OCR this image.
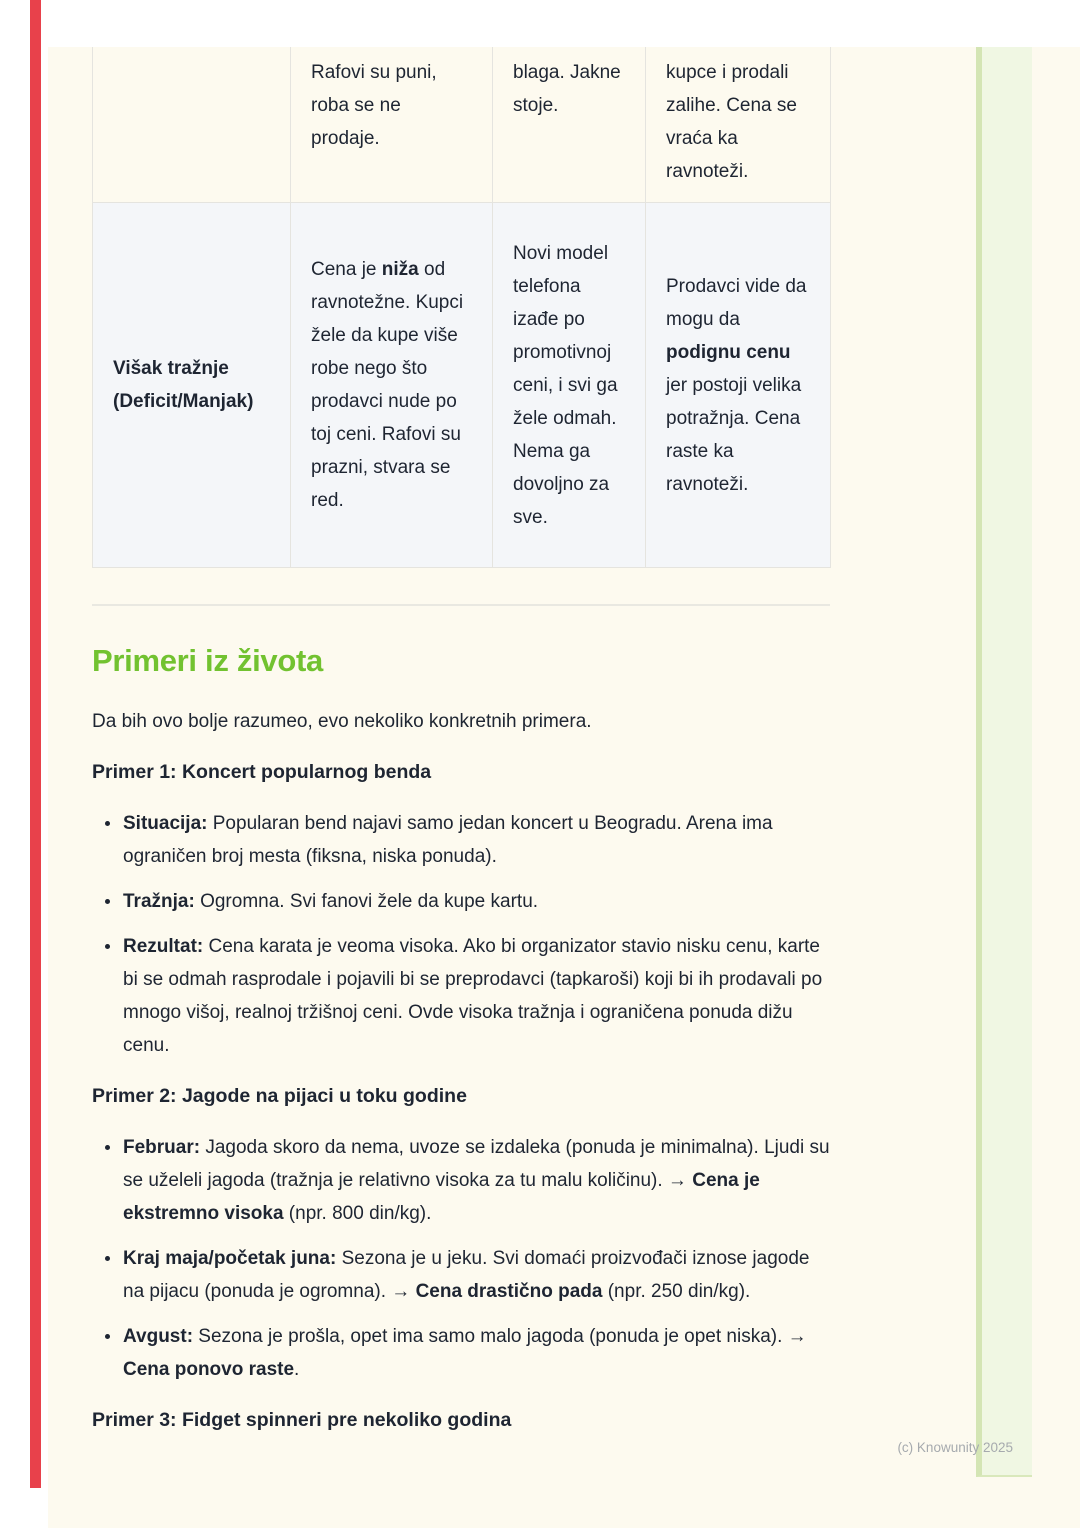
	Rafovi su puni, roba se ne prodaje.	blaga. Jakne stoje.	kupce i prodali zalihe. Cena se vraća ka ravnoteži.
Višak tražnje (Deficit/Manjak)	Cena je niža od ravnotežne. Kupci žele da kupe više robe nego što prodavci nude po toj ceni. Rafovi su prazni, stvara se red.	Novi model telefona izađe po promotivnoj ceni, i svi ga žele odmah. Nema ga dovoljno za sve.	Prodavci vide da mogu da podignu cenu jer postoji velika potražnja. Cena raste ka ravnoteži.
Primeri iz života

Da bih ovo bolje razumeo, evo nekoliko konkretnih primera.

Primer 1: Koncert popularnog benda
Situacija: Popularan bend najavi samo jedan koncert u Beogradu. Arena ima ograničen broj mesta (fiksna, niska ponuda).
Tražnja: Ogromna. Svi fanovi žele da kupe kartu.
Rezultat: Cena karata je veoma visoka. Ako bi organizator stavio nisku cenu, karte bi se odmah rasprodale i pojavili bi se preprodavci (tapkaroši) koji bi ih prodavali po mnogo višoj, realnoj tržišnoj ceni. Ovde visoka tražnja i ograničena ponuda dižu cenu.
Primer 2: Jagode na pijaci u toku godine
Februar: Jagoda skoro da nema, uvoze se izdaleka (ponuda je minimalna). Ljudi su se uželeli jagoda (tražnja je relativno visoka za tu malu količinu). → Cena je ekstremno visoka (npr. 800 din/kg).
Kraj maja/početak juna: Sezona je u jeku. Svi domaći proizvođači iznose jagode na pijacu (ponuda je ogromna). → Cena drastično pada (npr. 250 din/kg).
Avgust: Sezona je prošla, opet ima samo malo jagoda (ponuda je opet niska). → Cena ponovo raste.
Primer 3: Fidget spinneri pre nekoliko godina
(c) Knowunity 2025
